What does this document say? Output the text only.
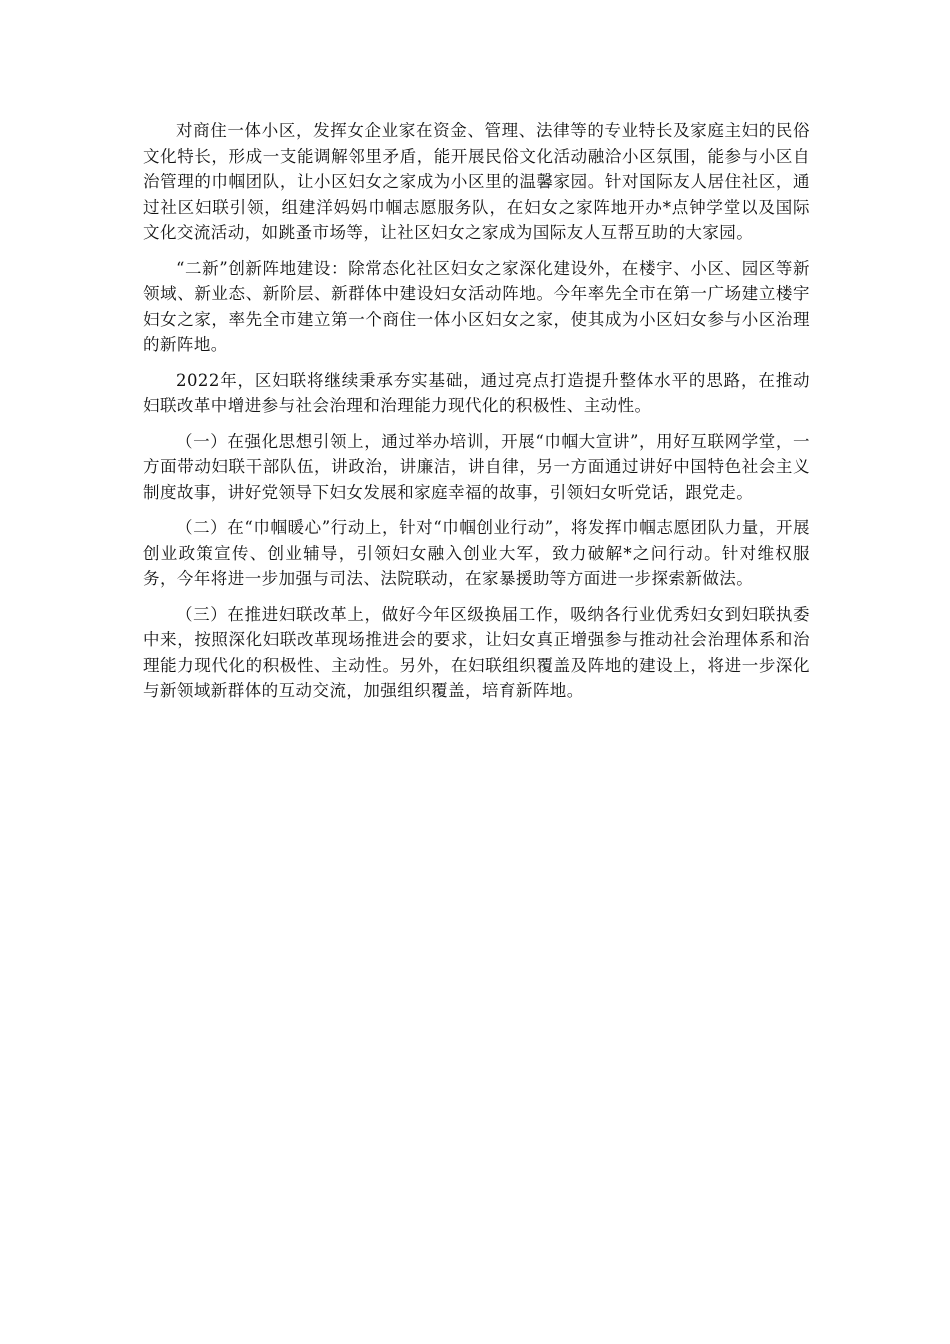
对商住一体小区，发挥女企业家在资金、管理、法律等的专业特长及家庭主妇的民俗文化特长，形成一支能调解邻里矛盾，能开展民俗文化活动融洽小区氛围，能参与小区自治管理的巾帼团队，让小区妇女之家成为小区里的温馨家园。针对国际友人居住社区，通过社区妇联引领，组建洋妈妈巾帼志愿服务队，在妇女之家阵地开办*点钟学堂以及国际文化交流活动，如跳蚤市场等，让社区妇女之家成为国际友人互帮互助的大家园。

“二新”创新阵地建设：除常态化社区妇女之家深化建设外，在楼宇、小区、园区等新领域、新业态、新阶层、新群体中建设妇女活动阵地。今年率先全市在第一广场建立楼宇妇女之家，率先全市建立第一个商住一体小区妇女之家，使其成为小区妇女参与小区治理的新阵地。

2022年，区妇联将继续秉承夯实基础，通过亮点打造提升整体水平的思路，在推动妇联改革中增进参与社会治理和治理能力现代化的积极性、主动性。

（一）在强化思想引领上，通过举办培训，开展“巾帼大宣讲”，用好互联网学堂，一方面带动妇联干部队伍，讲政治，讲廉洁，讲自律，另一方面通过讲好中国特色社会主义制度故事，讲好党领导下妇女发展和家庭幸福的故事，引领妇女听党话，跟党走。

（二）在“巾帼暖心”行动上，针对“巾帼创业行动”，将发挥巾帼志愿团队力量，开展创业政策宣传、创业辅导，引领妇女融入创业大军，致力破解*之问行动。针对维权服务，今年将进一步加强与司法、法院联动，在家暴援助等方面进一步探索新做法。

（三）在推进妇联改革上，做好今年区级换届工作，吸纳各行业优秀妇女到妇联执委中来，按照深化妇联改革现场推进会的要求，让妇女真正增强参与推动社会治理体系和治理能力现代化的积极性、主动性。另外，在妇联组织覆盖及阵地的建设上，将进一步深化与新领域新群体的互动交流，加强组织覆盖，培育新阵地。
